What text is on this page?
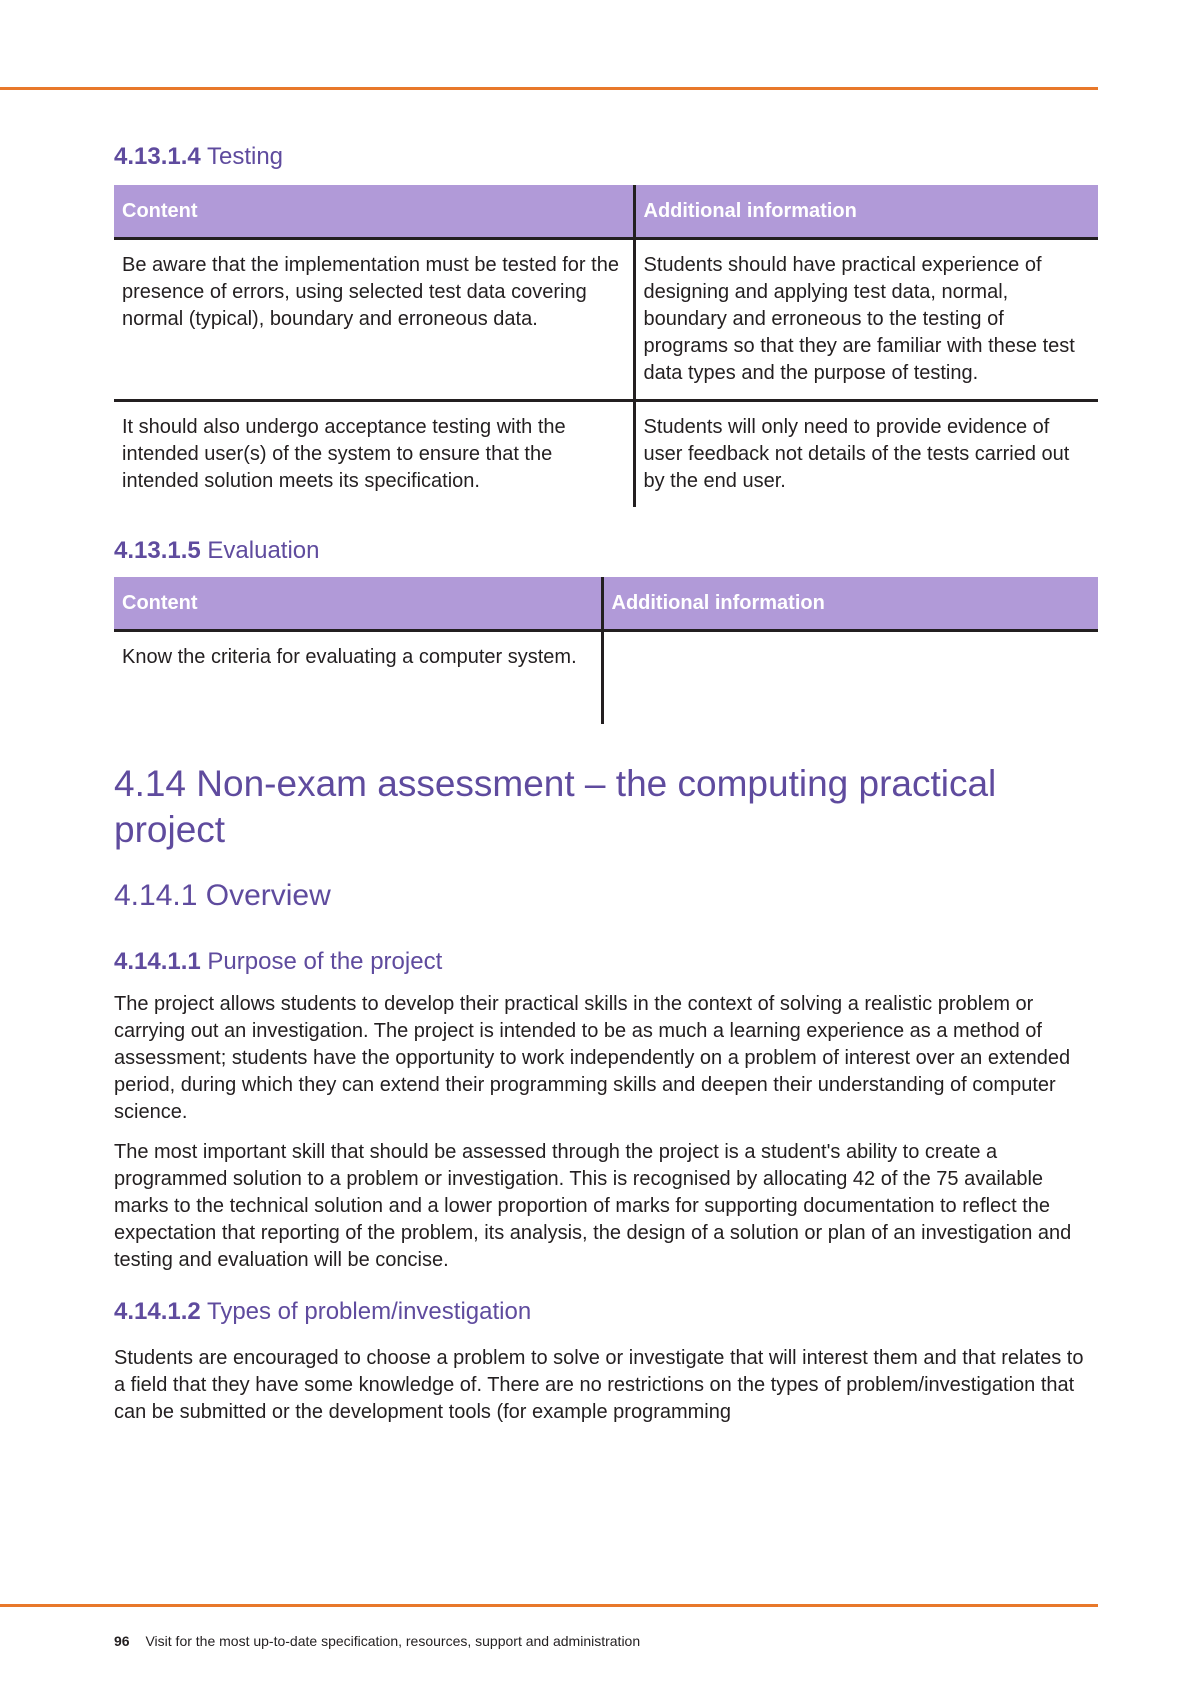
4.13.1.4 Testing
Content	Additional information
Be aware that the implementation must be tested for the presence of errors, using selected test data covering normal (typical), boundary and erroneous data.	Students should have practical experience of designing and applying test data, normal, boundary and erroneous to the testing of programs so that they are familiar with these test data types and the purpose of testing.
It should also undergo acceptance testing with the intended user(s) of the system to ensure that the intended solution meets its specification.	Students will only need to provide evidence of user feedback not details of the tests carried out by the end user.
4.13.1.5 Evaluation
Content	Additional information
Know the criteria for evaluating a computer system.	
4.14 Non-exam assessment – the computing practical project
4.14.1 Overview
4.14.1.1 Purpose of the project

The project allows students to develop their practical skills in the context of solving a realistic problem or carrying out an investigation. The project is intended to be as much a learning experience as a method of assessment; students have the opportunity to work independently on a problem of interest over an extended period, during which they can extend their programming skills and deepen their understanding of computer science.

The most important skill that should be assessed through the project is a student's ability to create a programmed solution to a problem or investigation. This is recognised by allocating 42 of the 75 available marks to the technical solution and a lower proportion of marks for supporting documentation to reflect the expectation that reporting of the problem, its analysis, the design of a solution or plan of an investigation and testing and evaluation will be concise.

4.14.1.2 Types of problem/investigation

Students are encouraged to choose a problem to solve or investigate that will interest them and that relates to a field that they have some knowledge of. There are no restrictions on the types of problem/investigation that can be submitted or the development tools (for example programming

96 Visit for the most up-to-date specification, resources, support and administration
